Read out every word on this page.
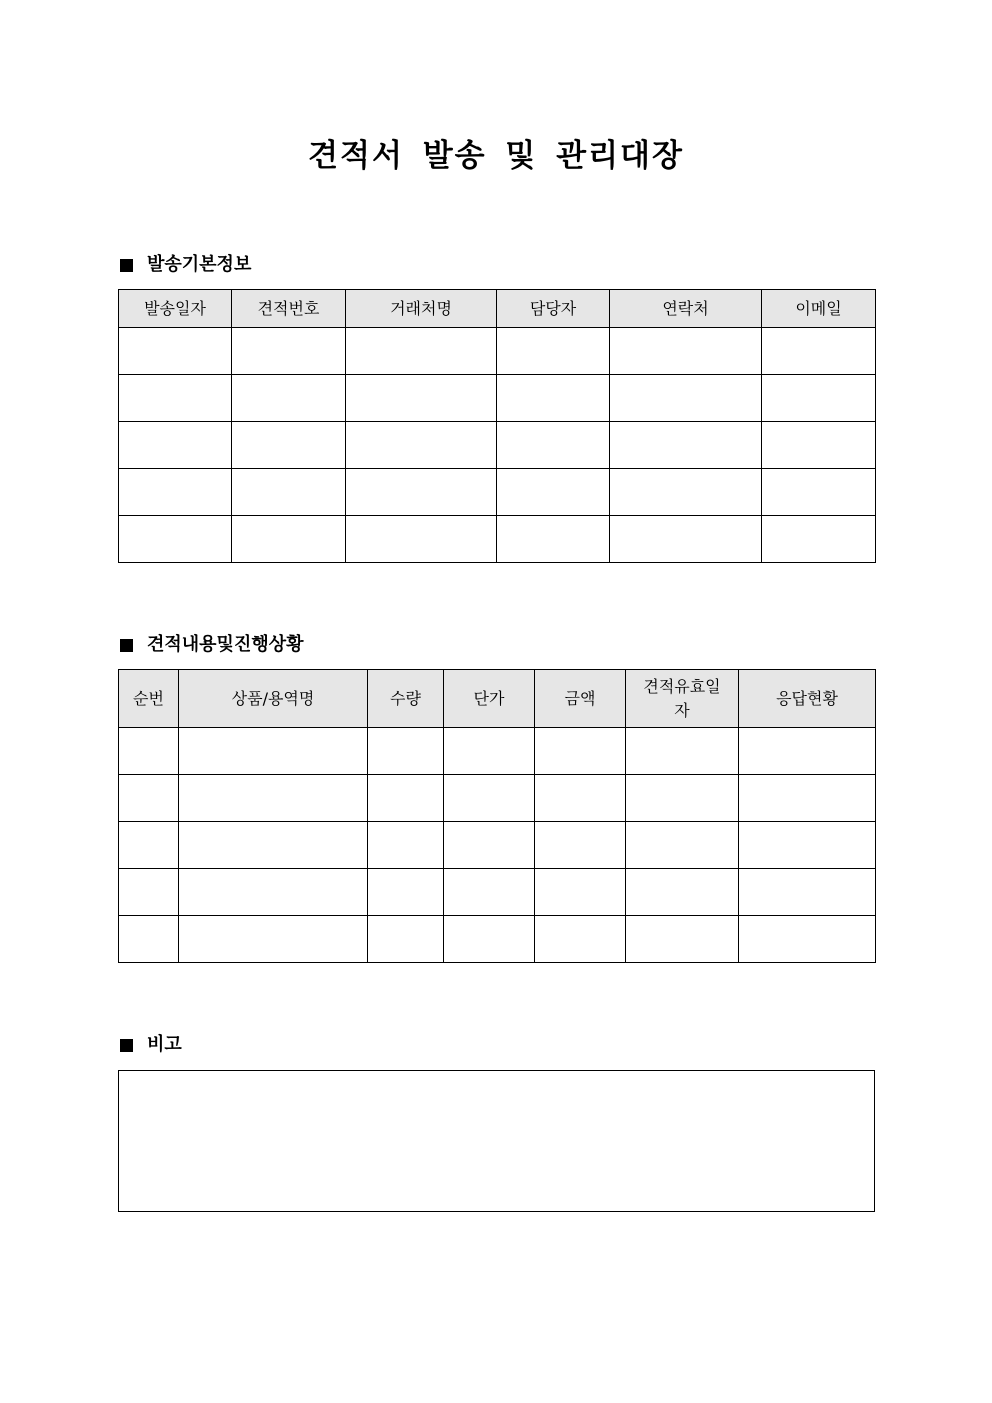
견적서 발송 및 관리대장
발송기본정보
발송일자	견적번호	거래처명	담당자	연락처	이메일

견적내용및진행상황
순번	상품/용역명	수량	단가	금액	견적유효일자	응답현황

비고
